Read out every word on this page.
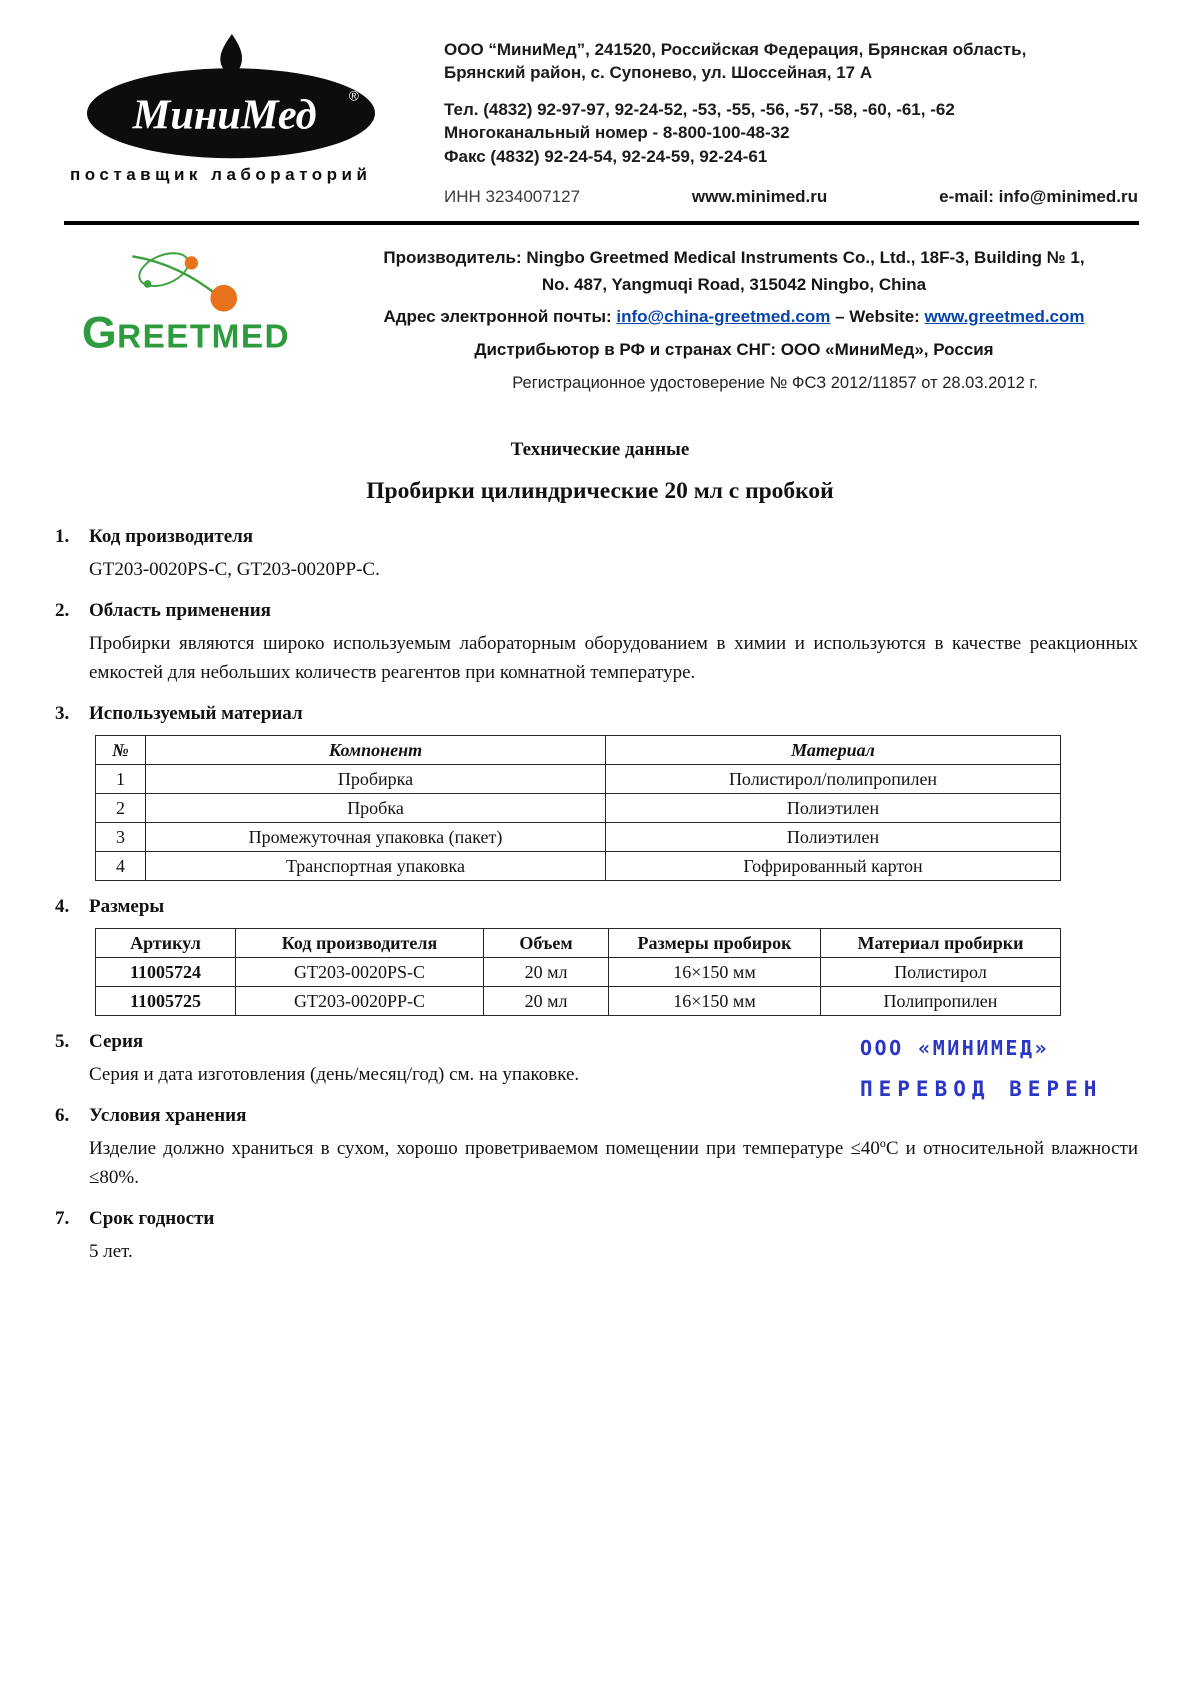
МиниМед ®
поставщик лабораторий
ООО “МиниМед”, 241520, Российская Федерация, Брянская область,
Брянский район, с. Супонево, ул. Шоссейная, 17 А
Тел. (4832) 92-97-97, 92-24-52, -53, -55, -56, -57, -58, -60, -61, -62
Многоканальный номер - 8-800-100-48-32
Факс (4832) 92-24-54, 92-24-59, 92-24-61
ИНН 3234007127	www.minimed.ru	e-mail: info@minimed.ru
G REETMED
Производитель: Ningbo Greetmed Medical Instruments Co., Ltd., 18F-3, Building № 1,
No. 487, Yangmuqi Road, 315042 Ningbo, China
Адрес электронной почты: info@china-greetmed.com – Website: www.greetmed.com
Дистрибьютор в РФ и странах СНГ: ООО «МиниМед», Россия
Регистрационное удостоверение № ФСЗ 2012/11857 от 28.03.2012 г.
Технические данные
Пробирки цилиндрические 20 мл с пробкой
1.	Код производителя
GT203-0020PS-C, GT203-0020PP-C.
2.	Область применения
Пробирки являются широко используемым лабораторным оборудованием в химии и используются в качестве реакционных емкостей для небольших количеств реагентов при комнатной температуре.
3.	Используемый материал
№	Компонент	Материал
1	Пробирка	Полистирол/полипропилен
2	Пробка	Полиэтилен
3	Промежуточная упаковка (пакет)	Полиэтилен
4	Транспортная упаковка	Гофрированный картон
4.	Размеры
Артикул	Код производителя	Объем	Размеры пробирок	Материал пробирки
11005724	GT203-0020PS-C	20 мл	16×150 мм	Полистирол
11005725	GT203-0020PP-C	20 мл	16×150 мм	Полипропилен
5.	Серия
Серия и дата изготовления (день/месяц/год) см. на упаковке.
6.	Условия хранения
Изделие должно храниться в сухом, хорошо проветриваемом помещении при температуре ≤40ºС и относительной влажности ≤80%.
7.	Срок годности
5 лет.
ООО «МИНИМЕД»
ПЕРЕВОД ВЕРЕН
